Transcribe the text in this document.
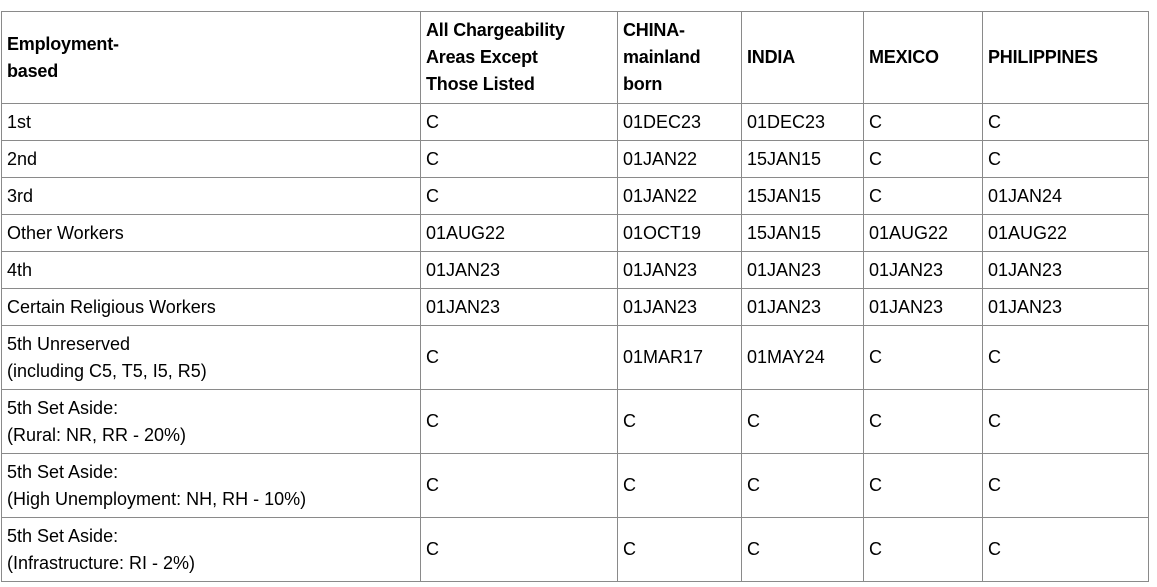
Employment-
based	All Chargeability
Areas Except
Those Listed	CHINA-
mainland
born	INDIA	MEXICO	PHILIPPINES

1st	C	01DEC23	01DEC23	C	C

2nd	C	01JAN22	15JAN15	C	C

3rd	C	01JAN22	15JAN15	C	01JAN24

Other Workers	01AUG22	01OCT19	15JAN15	01AUG22	01AUG22

4th	01JAN23	01JAN23	01JAN23	01JAN23	01JAN23

Certain Religious Workers	01JAN23	01JAN23	01JAN23	01JAN23	01JAN23

5th Unreserved
(including C5, T5, I5, R5)	C	01MAR17	01MAY24	C	C

5th Set Aside:
(Rural: NR, RR - 20%)	C	C	C	C	C

5th Set Aside:
(High Unemployment: NH, RH - 10%)	C	C	C	C	C

5th Set Aside:
(Infrastructure: RI - 2%)	C	C	C	C	C
